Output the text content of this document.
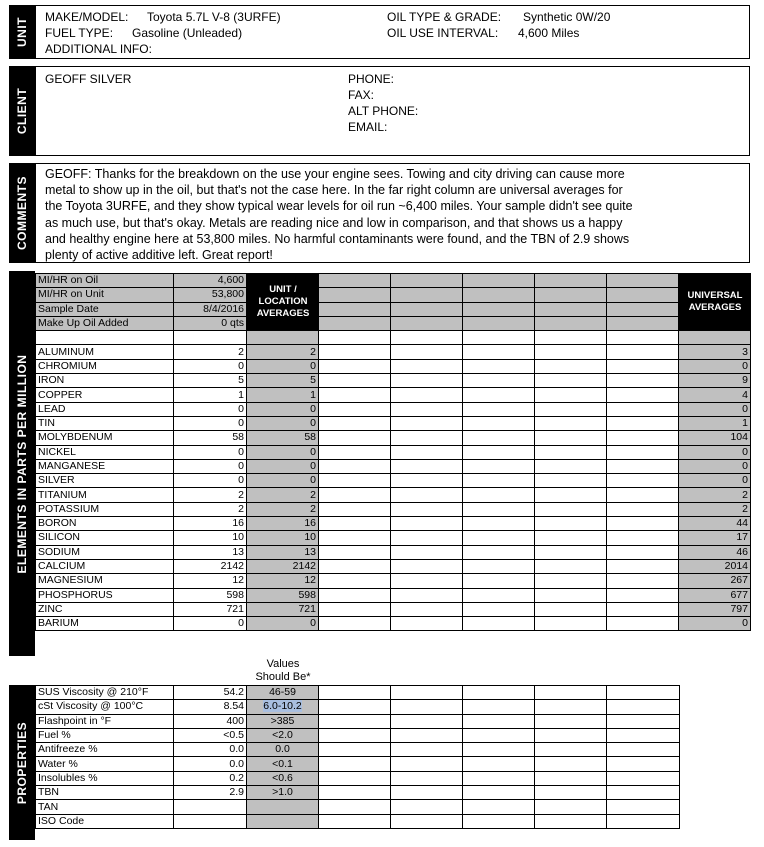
UNIT MAKE/MODEL: Toyota 5.7L V-8 (3URFE)
FUEL TYPE: Gasoline (Unleaded)
ADDITIONAL INFO:
OIL TYPE & GRADE: Synthetic 0W/20
OIL USE INTERVAL: 4,600 Miles
CLIENT
GEOFF SILVER	PHONE:
FAX:
ALT PHONE:
EMAIL:
COMMENTS
GEOFF: Thanks for the breakdown on the use your engine sees. Towing and city driving can cause more
metal to show up in the oil, but that's not the case here. In the far right column are universal averages for
the Toyota 3URFE, and they show typical wear levels for oil run ~6,400 miles. Your sample didn't see quite
as much use, but that's okay. Metals are reading nice and low in comparison, and that shows us a happy
and healthy engine here at 53,800 miles. No harmful contaminants were found, and the TBN of 2.9 shows
plenty of active additive left. Great report!
ELEMENTS IN PARTS PER MILLION
MI/HR on Oil	4,600							
MI/HR on Unit	53,800							
Sample Date	8/4/2016							
Make Up Oil Added	0 qts							

ALUMINUM	2	2						3
CHROMIUM	0	0						0
IRON	5	5						9
COPPER	1	1						4
LEAD	0	0						0
TIN	0	0						1
MOLYBDENUM	58	58						104
NICKEL	0	0						0
MANGANESE	0	0						0
SILVER	0	0						0
TITANIUM	2	2						2
POTASSIUM	2	2						2
BORON	16	16						44
SILICON	10	10						17
SODIUM	13	13						46
CALCIUM	2142	2142						2014
MAGNESIUM	12	12						267
PHOSPHORUS	598	598						677
ZINC	721	721						797
BARIUM	0	0						0
UNIT / LOCATION AVERAGES
UNIVERSAL AVERAGES
Values
Should Be*
PROPERTIES
SUS Viscosity @ 210°F	54.2	46-59					
cSt Viscosity @ 100°C	8.54	6.0-10.2					
Flashpoint in °F	400	>385					
Fuel %	<0.5	<2.0					
Antifreeze %	0.0	0.0					
Water %	0.0	<0.1					
Insolubles %	0.2	<0.6					
TBN	2.9	>1.0					
TAN							
ISO Code							
